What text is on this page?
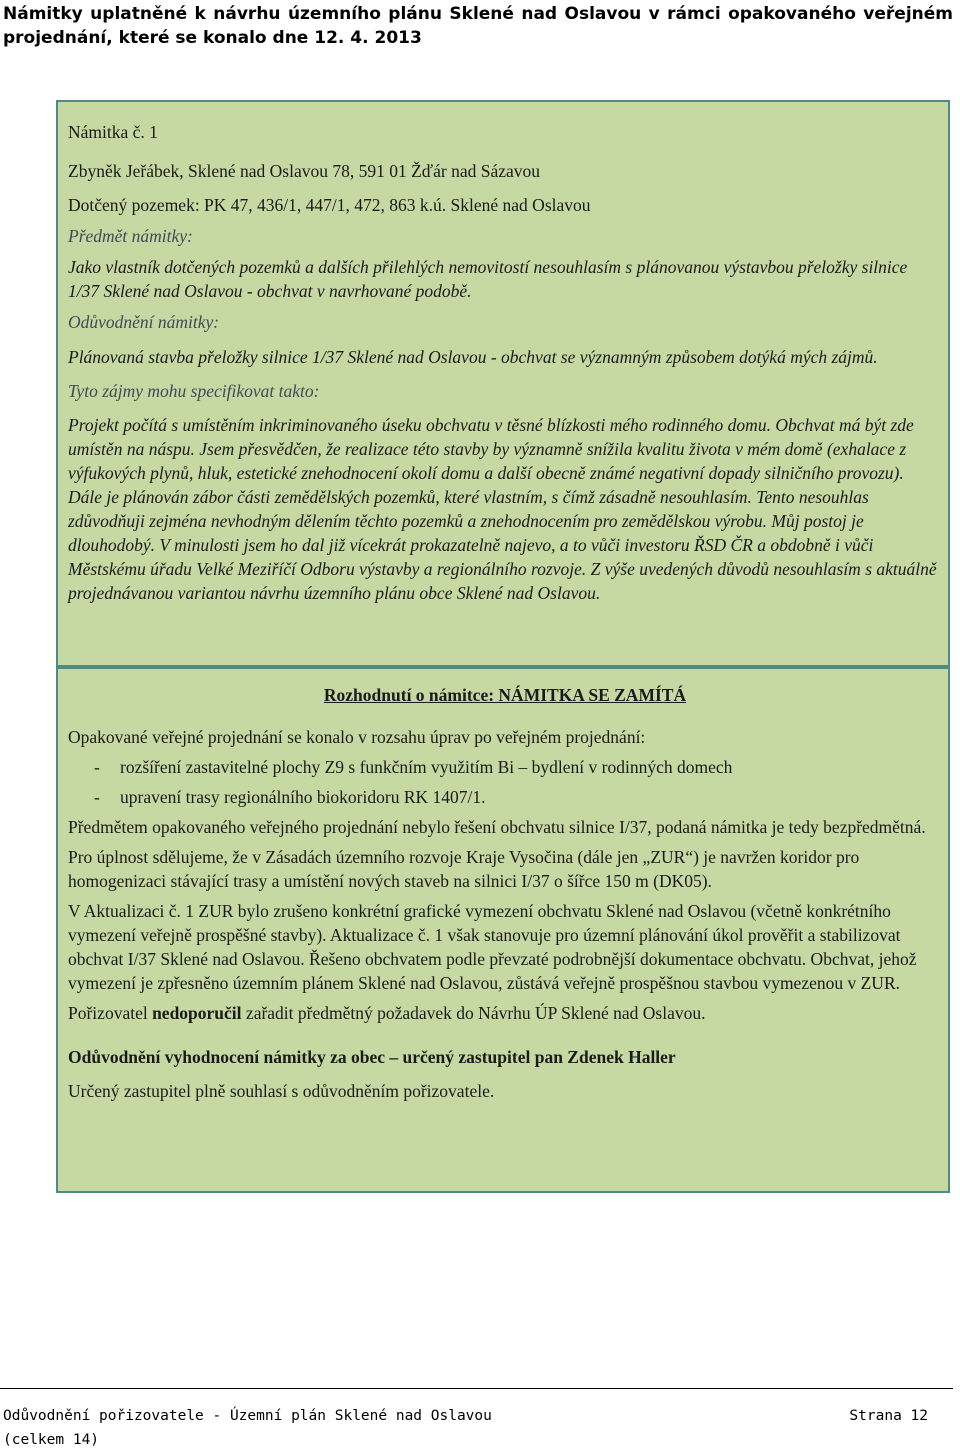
Námitky uplatněné k návrhu územního plánu Sklené nad Oslavou v rámci opakovaného veřejném projednání, které se konalo dne 12. 4. 2013

Námitka č. 1

Zbyněk Jeřábek, Sklené nad Oslavou 78, 591 01 Žďár nad Sázavou

Dotčený pozemek: PK 47, 436/1, 447/1, 472, 863 k.ú. Sklené nad Oslavou

Předmět námitky:

Jako vlastník dotčených pozemků a dalších přilehlých nemovitostí nesouhlasím s plánovanou výstavbou přeložky silnice 1/37 Sklené nad Oslavou - obchvat v navrhované podobě.

Odůvodnění námitky:

Plánovaná stavba přeložky silnice 1/37 Sklené nad Oslavou - obchvat se významným způsobem dotýká mých zájmů.

Tyto zájmy mohu specifikovat takto:

Projekt počítá s umístěním inkriminovaného úseku obchvatu v těsné blízkosti mého rodinného domu. Obchvat má být zde umístěn na náspu. Jsem přesvědčen, že realizace této stavby by významně snížila kvalitu života v mém domě (exhalace z výfukových plynů, hluk, estetické znehodnocení okolí domu a další obecně známé negativní dopady silničního provozu). Dále je plánován zábor části zemědělských pozemků, které vlastním, s čímž zásadně nesouhlasím. Tento nesouhlas zdůvodňuji zejména nevhodným dělením těchto pozemků a znehodnocením pro zemědělskou výrobu. Můj postoj je dlouhodobý. V minulosti jsem ho dal již vícekrát prokazatelně najevo, a to vůči investoru ŘSD ČR a obdobně i vůči Městskému úřadu Velké Meziříčí Odboru výstavby a regionálního rozvoje. Z výše uvedených důvodů nesouhlasím s aktuálně projednávanou variantou návrhu územního plánu obce Sklené nad Oslavou.

Rozhodnutí o námitce: NÁMITKA SE ZAMÍTÁ

Opakované veřejné projednání se konalo v rozsahu úprav po veřejném projednání:

- rozšíření zastavitelné plochy Z9 s funkčním využitím Bi – bydlení v rodinných domech
- upravení trasy regionálního biokoridoru RK 1407/1.

Předmětem opakovaného veřejného projednání nebylo řešení obchvatu silnice I/37, podaná námitka je tedy bezpředmětná.

Pro úplnost sdělujeme, že v Zásadách územního rozvoje Kraje Vysočina (dále jen „ZUR“) je navržen koridor pro homogenizaci stávající trasy a umístění nových staveb na silnici I/37 o šířce 150 m (DK05).

V Aktualizaci č. 1 ZUR bylo zrušeno konkrétní grafické vymezení obchvatu Sklené nad Oslavou (včetně konkrétního vymezení veřejně prospěšné stavby). Aktualizace č. 1 však stanovuje pro územní plánování úkol prověřit a stabilizovat obchvat I/37 Sklené nad Oslavou. Řešeno obchvatem podle převzaté podrobnější dokumentace obchvatu. Obchvat, jehož vymezení je zpřesněno územním plánem Sklené nad Oslavou, zůstává veřejně prospěšnou stavbou vymezenou v ZUR.

Pořizovatel nedoporučil zařadit předmětný požadavek do Návrhu ÚP Sklené nad Oslavou.

Odůvodnění vyhodnocení námitky za obec – určený zastupitel pan Zdenek Haller

Určený zastupitel plně souhlasí s odůvodněním pořizovatele.

Odůvodnění pořizovatele - Územní plán Sklené nad Oslavou	Strana 12
(celkem 14)
